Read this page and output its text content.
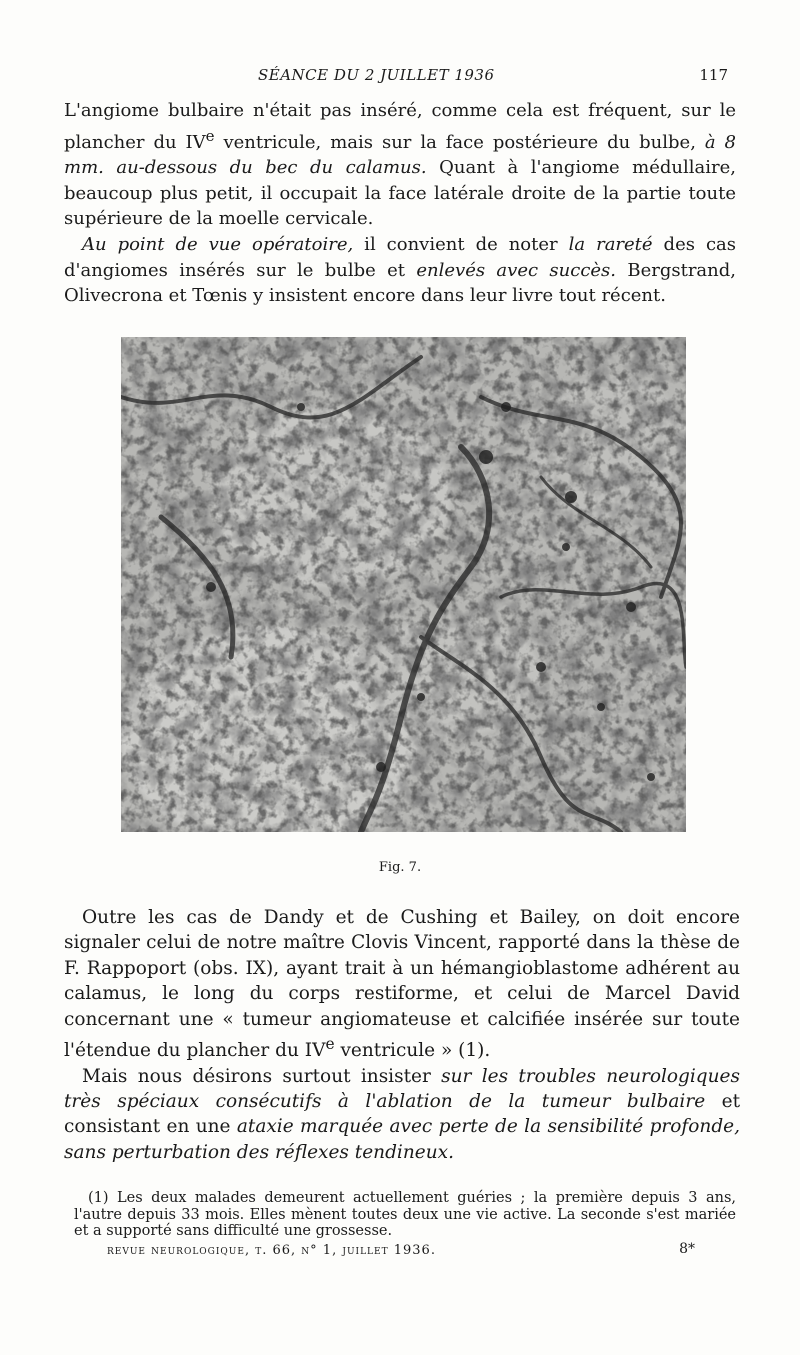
SÉANCE DU 2 JUILLET 1936	117

L'angiome bulbaire n'était pas inséré, comme cela est fréquent, sur le plancher du IVe ventricule, mais sur la face postérieure du bulbe, à 8 mm. au-dessous du bec du calamus. Quant à l'angiome médullaire, beaucoup plus petit, il occupait la face latérale droite de la partie toute supérieure de la moelle cervicale.

Au point de vue opératoire, il convient de noter la rareté des cas d'angiomes insérés sur le bulbe et enlevés avec succès. Bergstrand, Olivecrona et Tœnis y insistent encore dans leur livre tout récent.

Fig. 7.

Outre les cas de Dandy et de Cushing et Bailey, on doit encore signaler celui de notre maître Clovis Vincent, rapporté dans la thèse de F. Rappoport (obs. IX), ayant trait à un hémangioblastome adhérent au calamus, le long du corps restiforme, et celui de Marcel David concernant une « tumeur angiomateuse et calcifiée insérée sur toute l'étendue du plancher du IVe ventricule » (1).

Mais nous désirons surtout insister sur les troubles neurologiques très spéciaux consécutifs à l'ablation de la tumeur bulbaire et consistant en une ataxie marquée avec perte de la sensibilité profonde, sans perturbation des réflexes tendineux.

(1) Les deux malades demeurent actuellement guéries ; la première depuis 3 ans, l'autre depuis 33 mois. Elles mènent toutes deux une vie active. La seconde s'est mariée et a supporté sans difficulté une grossesse.

revue neurologique, t. 66, n° 1, juillet 1936.	8*
